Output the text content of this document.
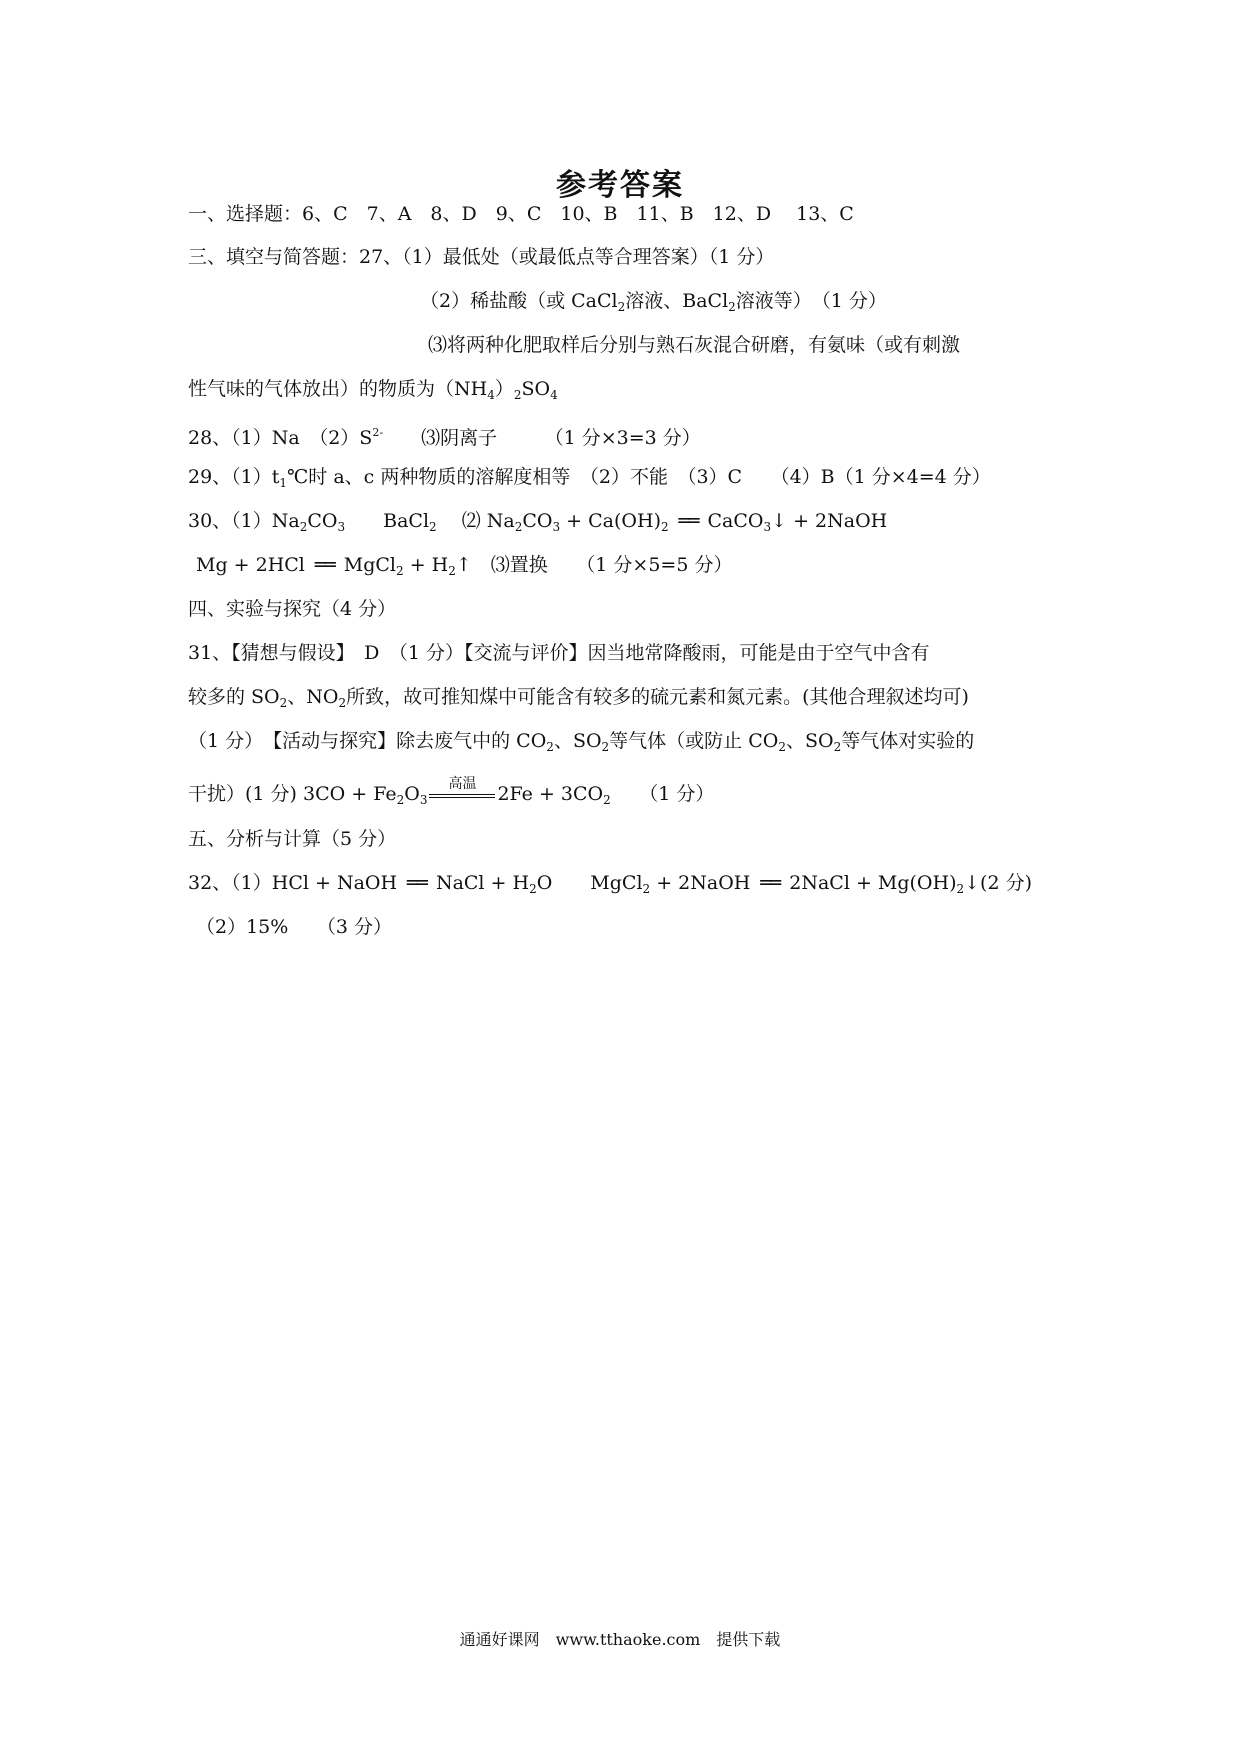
参考答案
一、选择题：6、C　7、A　8、D　9、C　10、B　11、B　12、D　 13、C
三、填空与简答题：27、（1）最低处（或最低点等合理答案）（1 分）
（2）稀盐酸（或 CaCl$_2$溶液、BaCl$_2$溶液等）　（1 分）
⑶将两种化肥取样后分别与熟石灰混合研磨，有氨味（或有刺激
性气味的气体放出）的物质为$(NH_4)_2SO_4$
28、（1）Na　$(2)S^{2-}$　　 ⑶阴离子　　　（1 分×3=3 分）
29、$(1)t_1℃$时 a、c 两种物质的溶解度相等　（2）不能　（3）C　　（4）B（1 分×4=4 分）
30、$(1)Na_2CO_3$　　 BaCl$_2$　 ⑵ $Na_2CO_3 + Ca(OH)_2$ ══ CaCO$_3$↓ + 2NaOH
Mg + 2HCl ══ MgCl$_2$ + $H_2↑$　⑶置换　　（1 分×5=5 分）
四、实验与探究（4 分）
31、【猜想与假设】　D　（1 分）【交流与评价】因当地常降酸雨，可能是由于空气中含有
较多的 $SO_2$、$NO_2$所致，故可推知煤中可能含有较多的硫元素和氮元素。(其他合理叙述均可)
（1 分）　【活动与探究】除去废气中的 $CO_2$、$SO_2$等气体（或防止 $CO_2$、$SO_2$等气体对实验的
干扰）(1 分) $3CO + Fe_2O_3$
高温	$2Fe + 3CO_2$　　（1 分）
五、分析与计算（5 分）
32、（1）HCl + NaOH ══ NaCl + $H_2O$　　MgCl$_2$ + 2NaOH ══ 2NaCl + $Mg(OH)_2↓(2$ 分)
（2）15%　　（3 分）
通通好课网　www.tthaoke.com　提供下载
